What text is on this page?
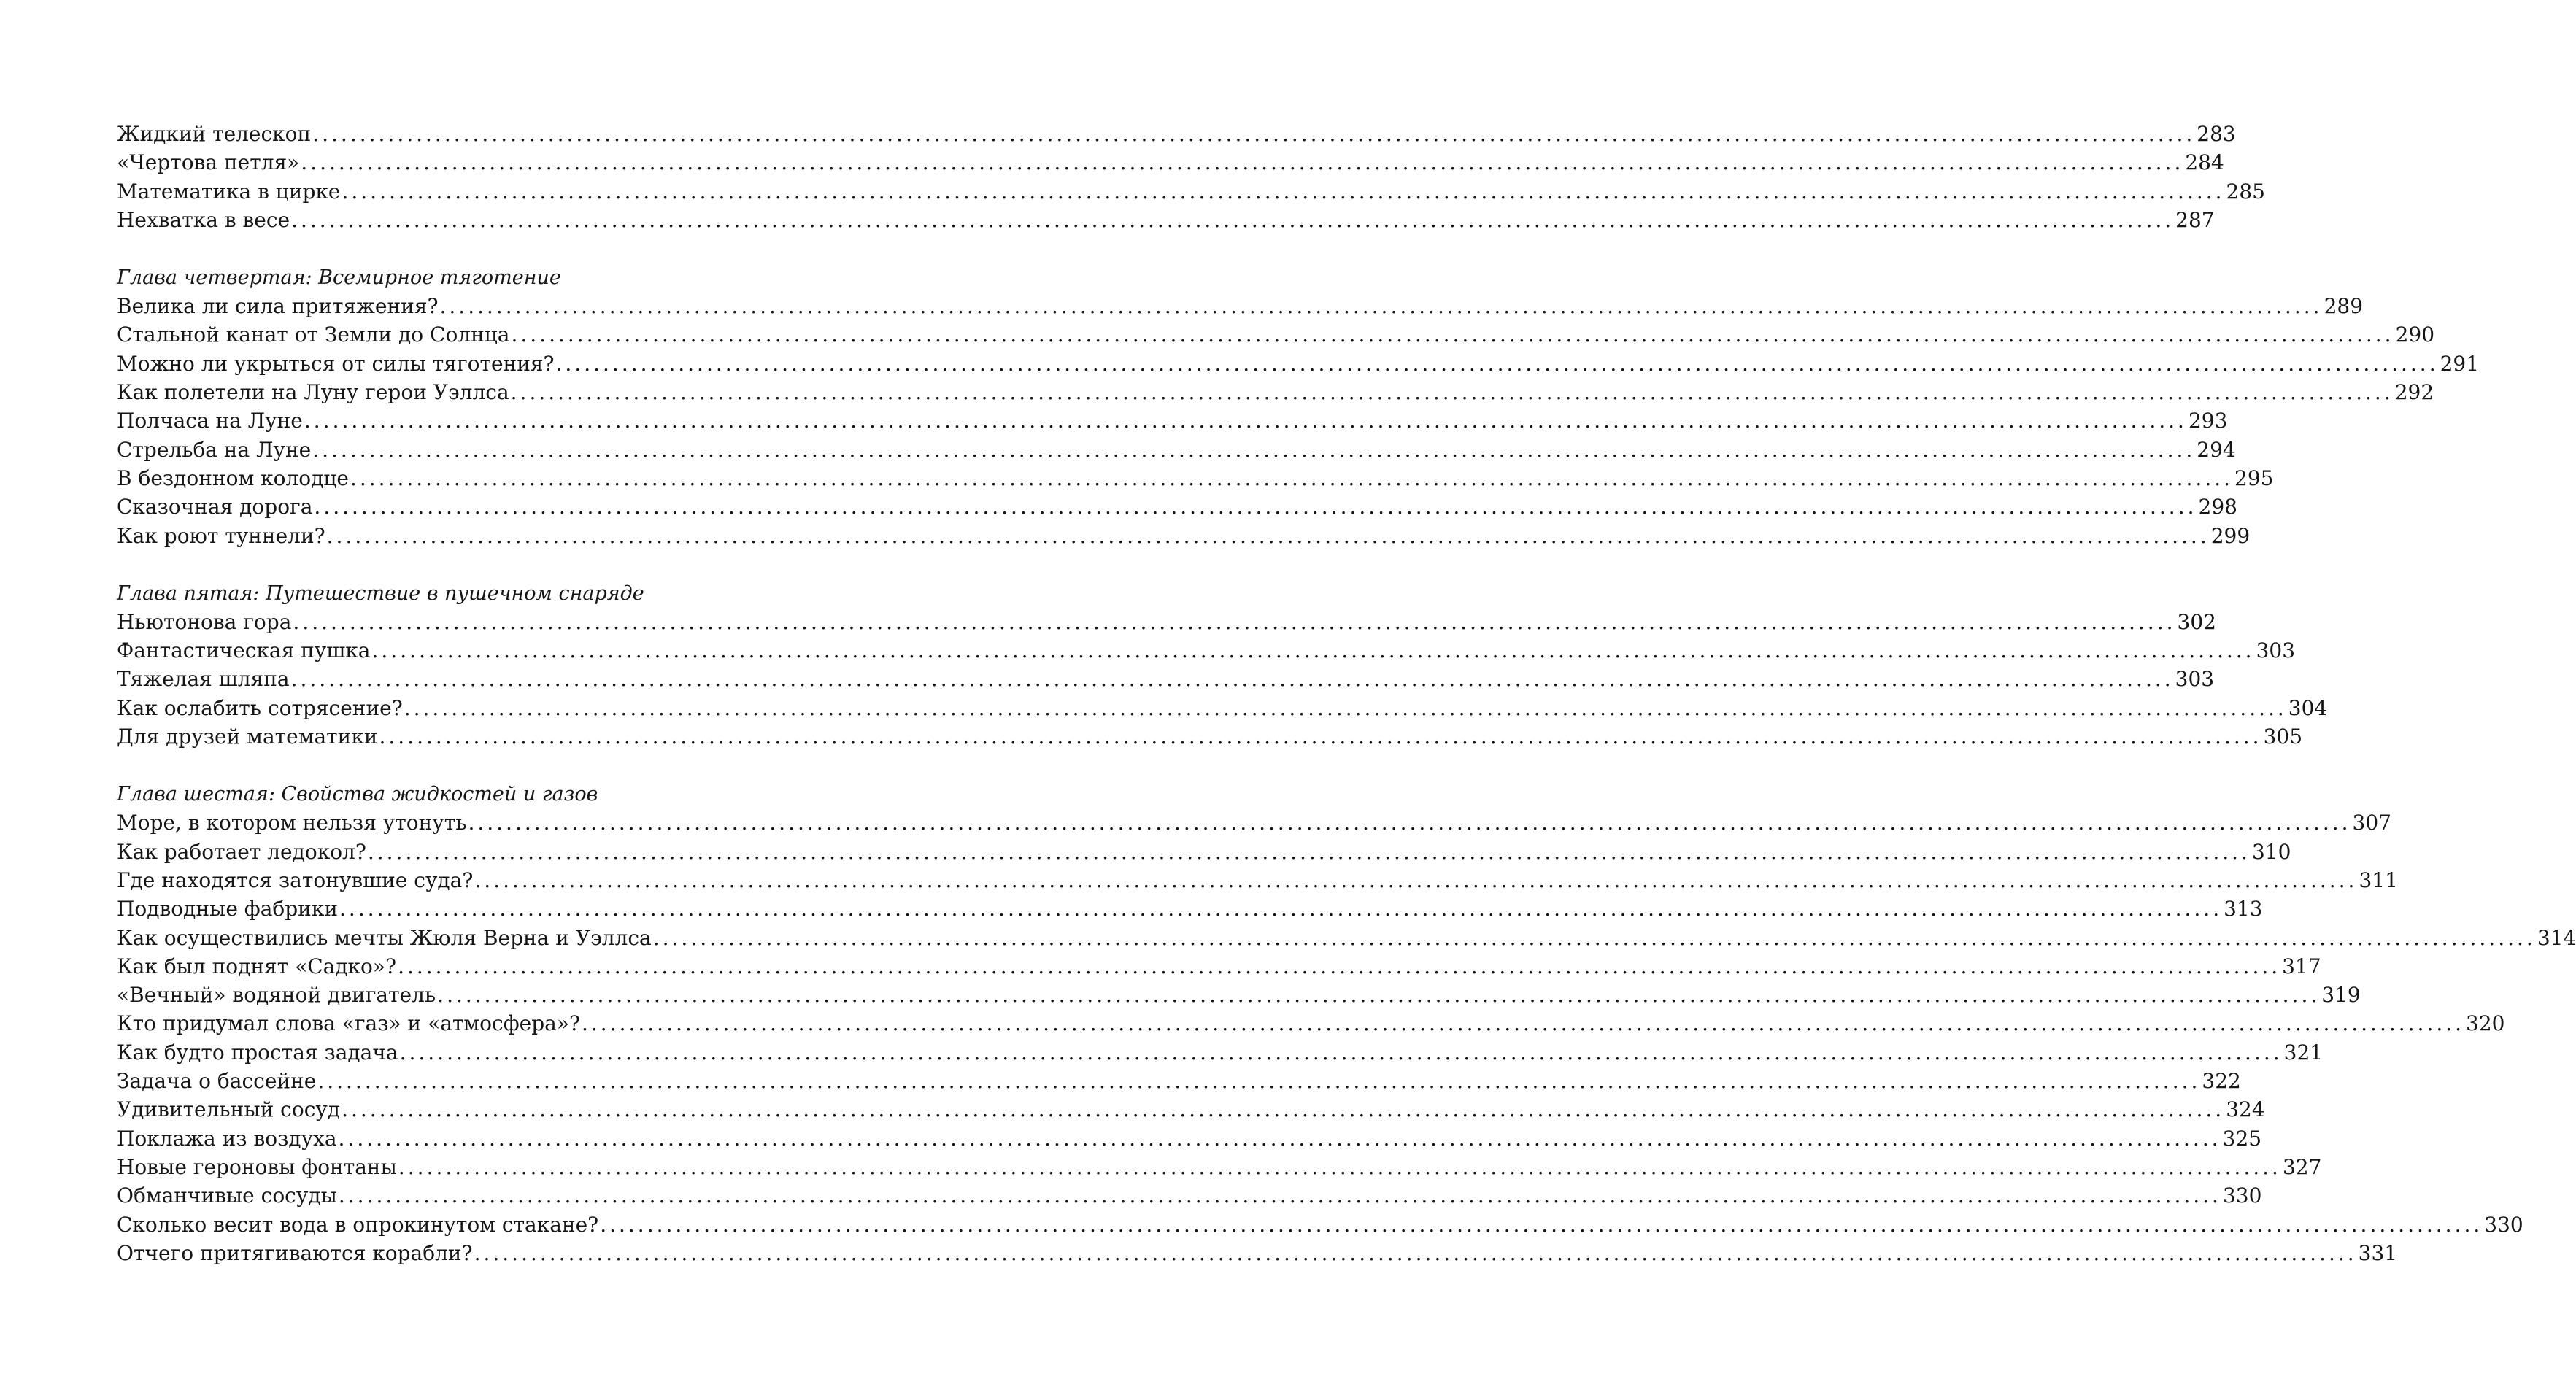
Жидкий телескоп ........................................................................................................................................................................................................ 283
«Чертова петля» ........................................................................................................................................................................................................ 284
Математика в цирке ........................................................................................................................................................................................................ 285
Нехватка в весе ........................................................................................................................................................................................................ 287
Глава четвертая: Всемирное тяготение
Велика ли сила притяжения? ........................................................................................................................................................................................................ 289
Стальной канат от Земли до Солнца ........................................................................................................................................................................................................ 290
Можно ли укрыться от силы тяготения? ........................................................................................................................................................................................................ 291
Как полетели на Луну герои Уэллса ........................................................................................................................................................................................................ 292
Полчаса на Луне ........................................................................................................................................................................................................ 293
Стрельба на Луне ........................................................................................................................................................................................................ 294
В бездонном колодце ........................................................................................................................................................................................................ 295
Сказочная дорога ........................................................................................................................................................................................................ 298
Как роют туннели? ........................................................................................................................................................................................................ 299
Глава пятая: Путешествие в пушечном снаряде
Ньютонова гора ........................................................................................................................................................................................................ 302
Фантастическая пушка ........................................................................................................................................................................................................ 303
Тяжелая шляпа ........................................................................................................................................................................................................ 303
Как ослабить сотрясение? ........................................................................................................................................................................................................ 304
Для друзей математики ........................................................................................................................................................................................................ 305
Глава шестая: Свойства жидкостей и газов
Море, в котором нельзя утонуть ........................................................................................................................................................................................................ 307
Как работает ледокол? ........................................................................................................................................................................................................ 310
Где находятся затонувшие суда? ........................................................................................................................................................................................................ 311
Подводные фабрики ........................................................................................................................................................................................................ 313
Как осуществились мечты Жюля Верна и Уэллса ........................................................................................................................................................................................................ 314
Как был поднят «Садко»? ........................................................................................................................................................................................................ 317
«Вечный» водяной двигатель ........................................................................................................................................................................................................ 319
Кто придумал слова «газ» и «атмосфера»? ........................................................................................................................................................................................................ 320
Как будто простая задача ........................................................................................................................................................................................................ 321
Задача о бассейне ........................................................................................................................................................................................................ 322
Удивительный сосуд ........................................................................................................................................................................................................ 324
Поклажа из воздуха ........................................................................................................................................................................................................ 325
Новые героновы фонтаны ........................................................................................................................................................................................................ 327
Обманчивые сосуды ........................................................................................................................................................................................................ 330
Сколько весит вода в опрокинутом стакане? ........................................................................................................................................................................................................ 330
Отчего притягиваются корабли? ........................................................................................................................................................................................................ 331
